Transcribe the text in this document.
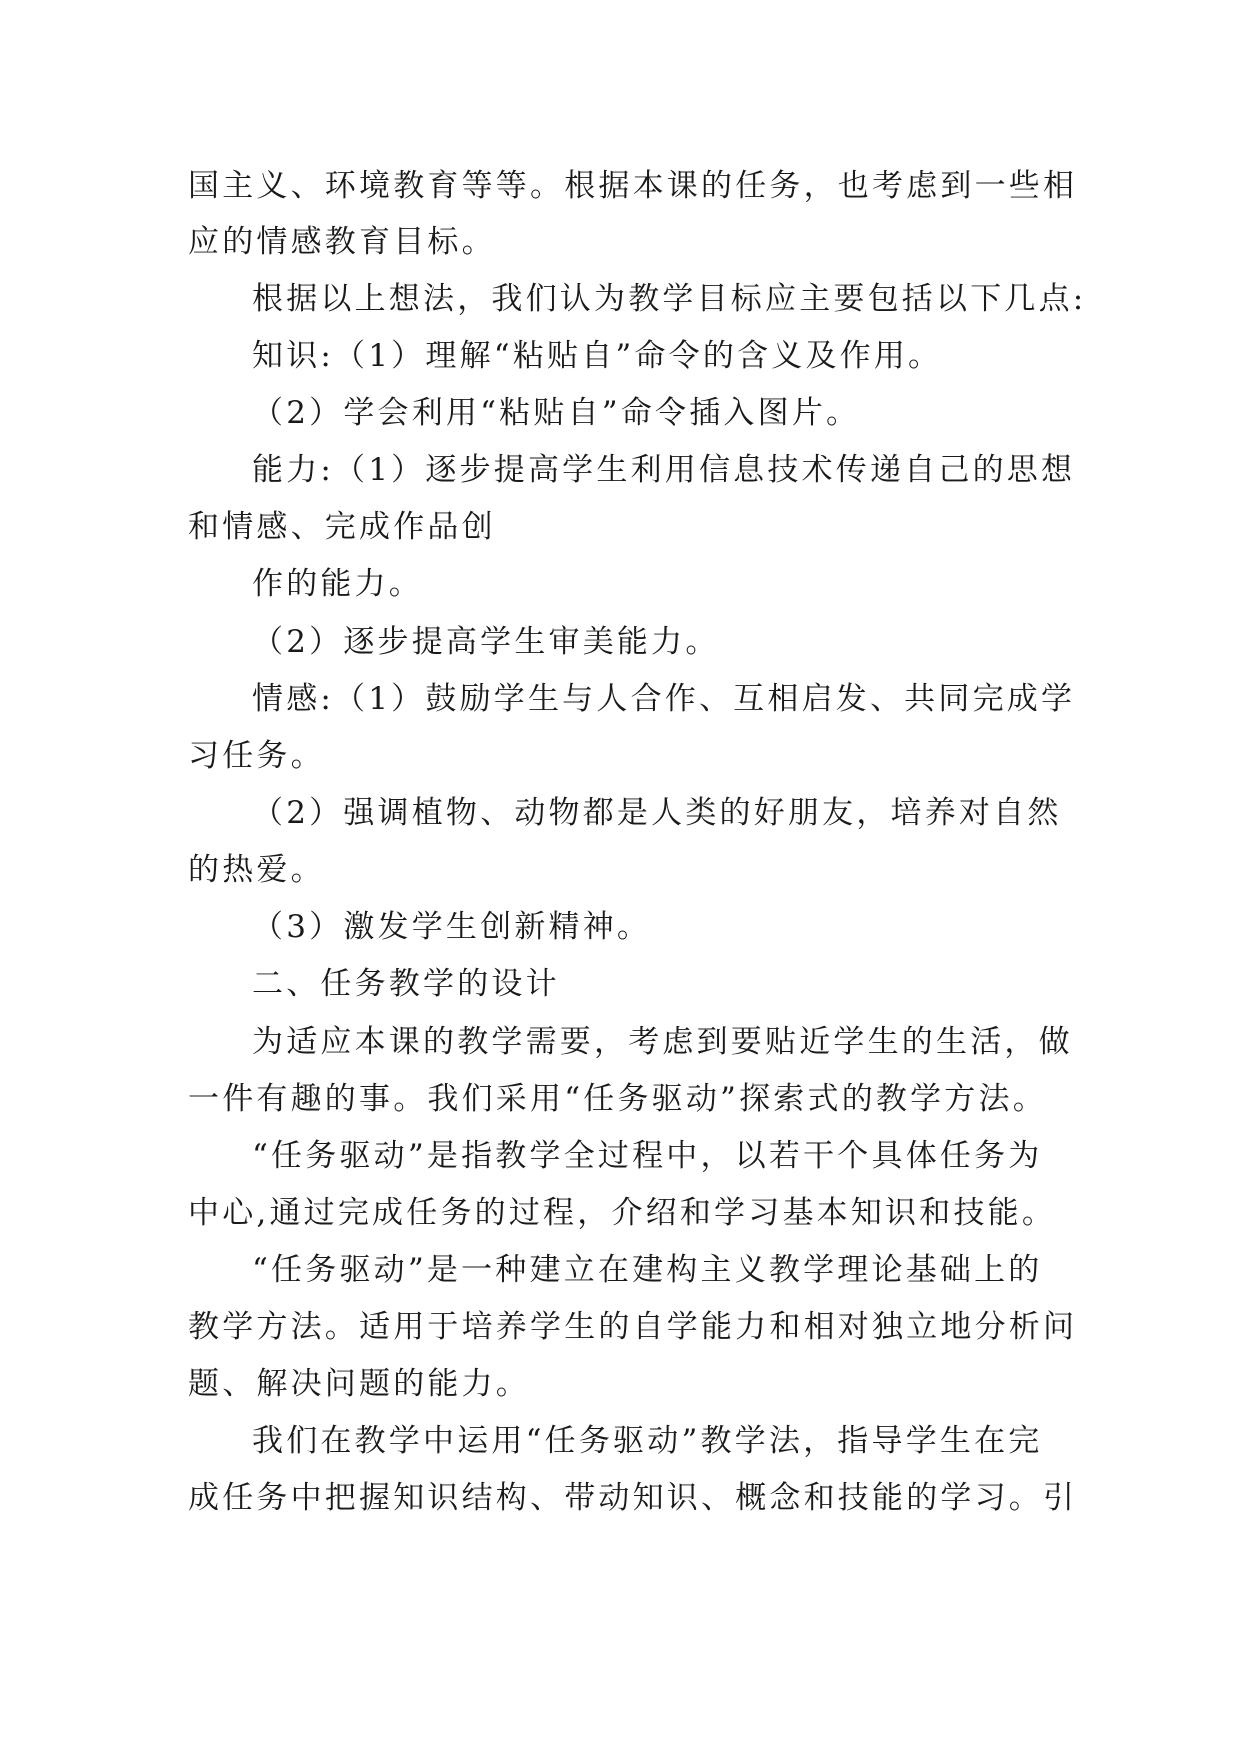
国主义、环境教育等等。根据本课的任务，也考虑到一些相
应的情感教育目标。
根据以上想法，我们认为教学目标应主要包括以下几点:
知识:（1）理解“粘贴自”命令的含义及作用。
（2）学会利用“粘贴自”命令插入图片。
能力:（1）逐步提高学生利用信息技术传递自己的思想
和情感、完成作品创
作的能力。
（2）逐步提高学生审美能力。
情感:（1）鼓励学生与人合作、互相启发、共同完成学
习任务。
（2）强调植物、动物都是人类的好朋友，培养对自然
的热爱。
（3）激发学生创新精神。
二、任务教学的设计
为适应本课的教学需要，考虑到要贴近学生的生活，做
一件有趣的事。我们采用“任务驱动”探索式的教学方法。
“任务驱动”是指教学全过程中，以若干个具体任务为
中心,通过完成任务的过程，介绍和学习基本知识和技能。
“任务驱动”是一种建立在建构主义教学理论基础上的
教学方法。适用于培养学生的自学能力和相对独立地分析问
题、解决问题的能力。
我们在教学中运用“任务驱动”教学法，指导学生在完
成任务中把握知识结构、带动知识、概念和技能的学习。引
